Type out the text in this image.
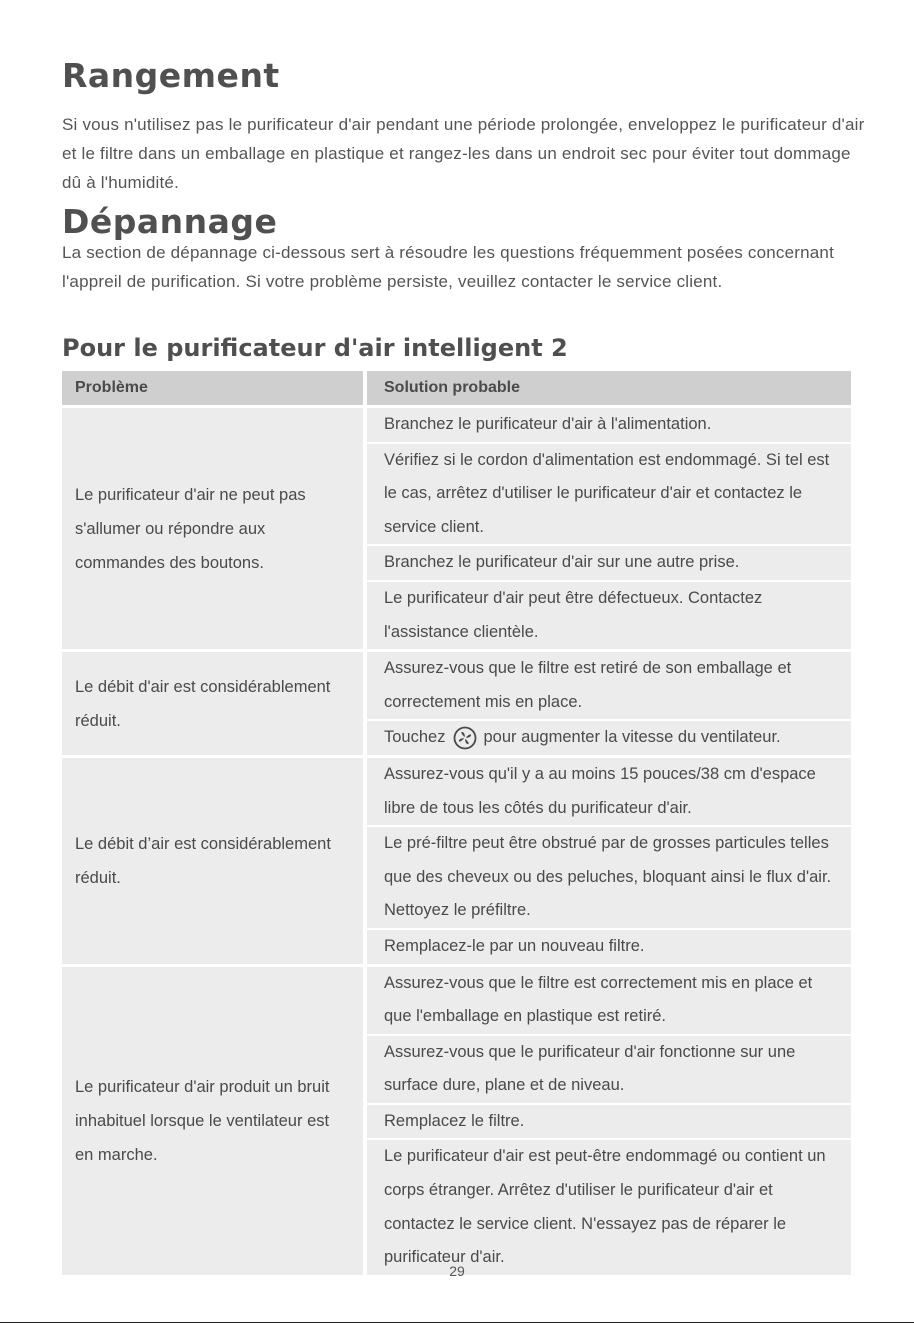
Rangement

Si vous n'utilisez pas le purificateur d'air pendant une période prolongée, enveloppez le purificateur d'air et le filtre dans un emballage en plastique et rangez-les dans un endroit sec pour éviter tout dommage dû à l'humidité.

Dépannage

La section de dépannage ci-dessous sert à résoudre les questions fréquemment posées concernant l'appreil de purification. Si votre problème persiste, veuillez contacter le service client.

Pour le purificateur d'air intelligent 2
Problème	Solution probable
Le purificateur d'air ne peut pas s'allumer ou répondre aux commandes des boutons.	Branchez le purificateur d'air à l'alimentation.
	Vérifiez si le cordon d'alimentation est endommagé. Si tel est le cas, arrêtez d'utiliser le purificateur d'air et contactez le service client.
	Branchez le purificateur d'air sur une autre prise.
	Le purificateur d'air peut être défectueux. Contactez l'assistance clientèle.
Le débit d'air est considérablement réduit.	Assurez-vous que le filtre est retiré de son emballage et correctement mis en place.
	Touchez pour augmenter la vitesse du ventilateur.
Le débit d’air est considérablement réduit.	Assurez-vous qu'il y a au moins 15 pouces/38 cm d'espace libre de tous les côtés du purificateur d'air.
	Le pré-filtre peut être obstrué par de grosses particules telles que des cheveux ou des peluches, bloquant ainsi le flux d'air. Nettoyez le préfiltre.
	Remplacez-le par un nouveau filtre.
Le purificateur d'air produit un bruit inhabituel lorsque le ventilateur est en marche.	Assurez-vous que le filtre est correctement mis en place et que l'emballage en plastique est retiré.
	Assurez-vous que le purificateur d'air fonctionne sur une surface dure, plane et de niveau.
	Remplacez le filtre.
	Le purificateur d'air est peut-être endommagé ou contient un corps étranger. Arrêtez d'utiliser le purificateur d'air et contactez le service client. N'essayez pas de réparer le purificateur d'air.
29
